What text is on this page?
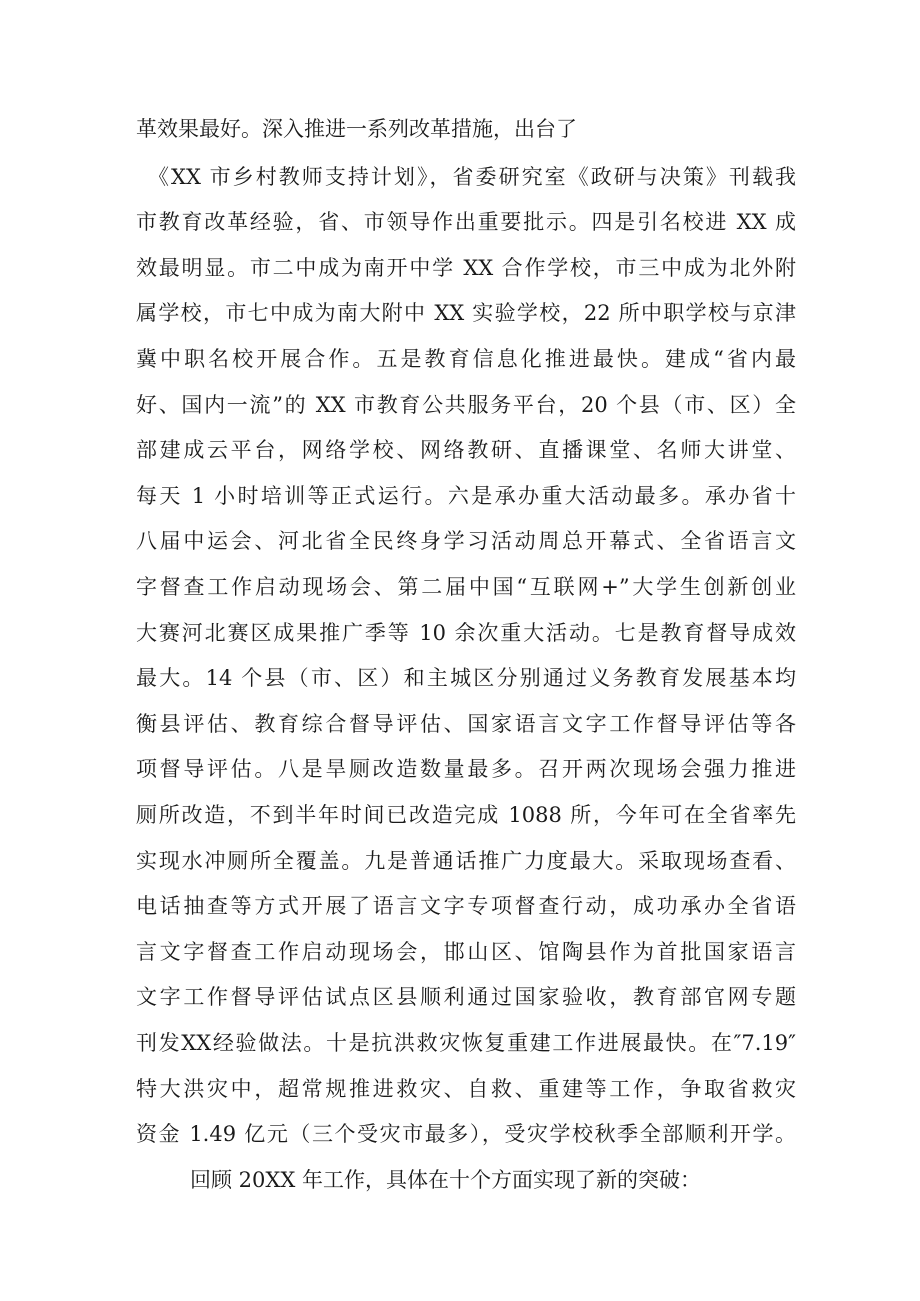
革效果最好。深入推进一系列改革措施，出台了
《XX 市乡村教师支持计划》，省委研究室《政研与决策》刊载我
市教育改革经验，省、市领导作出重要批示。四是引名校进 XX 成
效最明显。市二中成为南开中学 XX 合作学校，市三中成为北外附
属学校，市七中成为南大附中 XX 实验学校，22 所中职学校与京津
冀中职名校开展合作。五是教育信息化推进最快。建成“省内最
好、国内一流”的 XX 市教育公共服务平台，20 个县（市、区）全
部建成云平台，网络学校、网络教研、直播课堂、名师大讲堂、
每天 1 小时培训等正式运行。六是承办重大活动最多。承办省十
八届中运会、河北省全民终身学习活动周总开幕式、全省语言文
字督查工作启动现场会、第二届中国“互联网+”大学生创新创业
大赛河北赛区成果推广季等 10 余次重大活动。七是教育督导成效
最大。14 个县（市、区）和主城区分别通过义务教育发展基本均
衡县评估、教育综合督导评估、国家语言文字工作督导评估等各
项督导评估。八是旱厕改造数量最多。召开两次现场会强力推进
厕所改造，不到半年时间已改造完成 1088 所，今年可在全省率先
实现水冲厕所全覆盖。九是普通话推广力度最大。采取现场查看、
电话抽查等方式开展了语言文字专项督查行动，成功承办全省语
言文字督查工作启动现场会，邯山区、馆陶县作为首批国家语言
文字工作督导评估试点区县顺利通过国家验收，教育部官网专题
刊发XX经验做法。十是抗洪救灾恢复重建工作进展最快。在″7.19″
特大洪灾中，超常规推进救灾、自救、重建等工作，争取省救灾
资金 1.49 亿元（三个受灾市最多），受灾学校秋季全部顺利开学。
回顾 20XX 年工作，具体在十个方面实现了新的突破：
